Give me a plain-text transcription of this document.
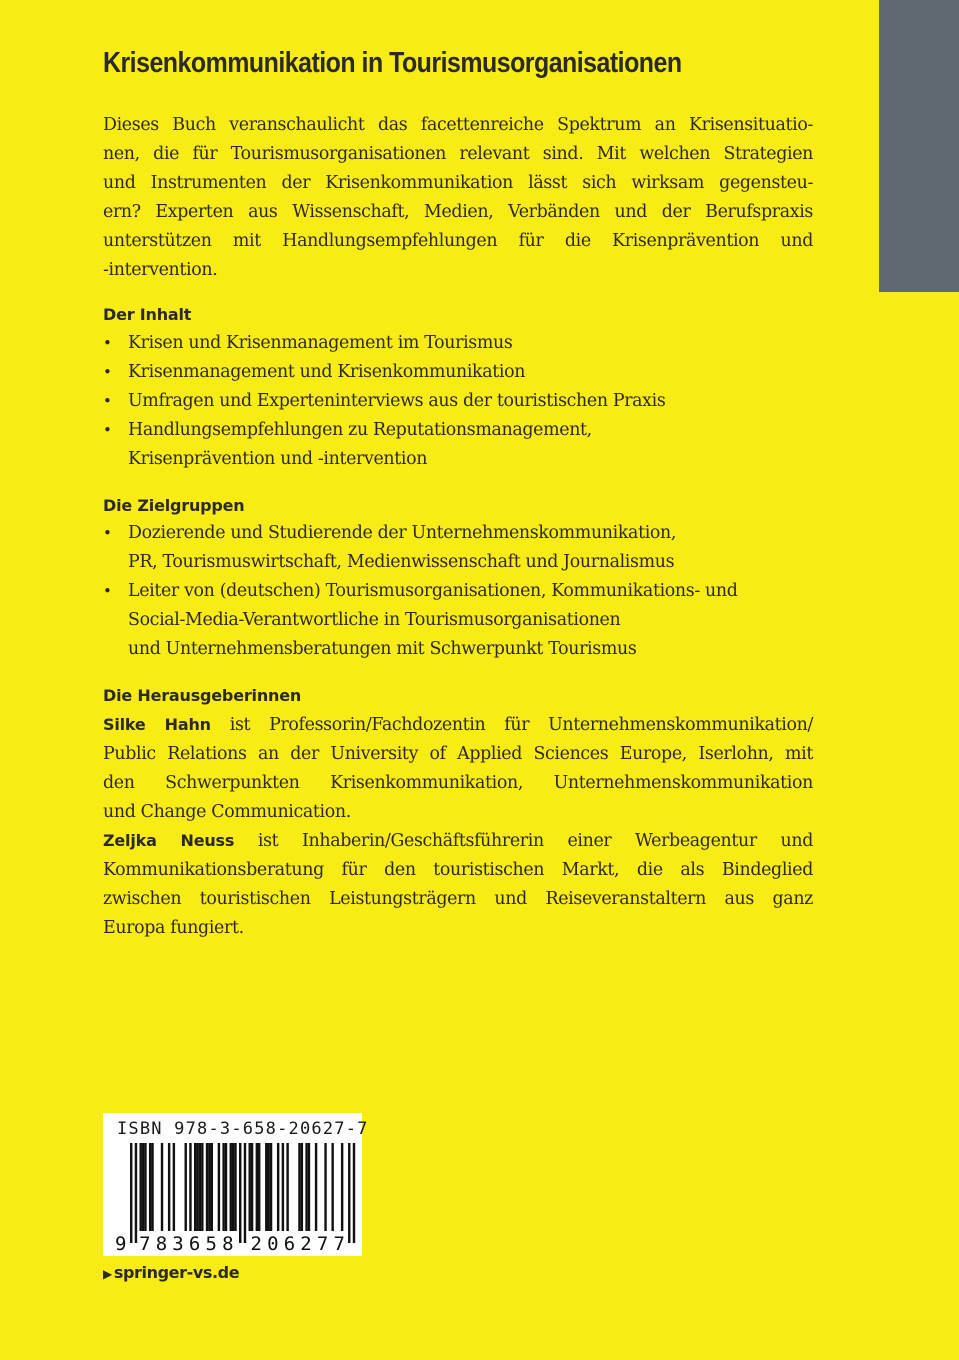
Krisenkommunikation in Tourismusorganisationen

Dieses Buch veranschaulicht das facettenreiche Spektrum an Krisensituatio-
nen, die für Tourismusorganisationen relevant sind. Mit welchen Strategien
und Instrumenten der Krisenkommunikation lässt sich wirksam gegensteu-
ern? Experten aus Wissenschaft, Medien, Verbänden und der Berufspraxis
unterstützen mit Handlungsempfehlungen für die Krisenprävention und
-intervention.

Der Inhalt
• Krisen und Krisenmanagement im Tourismus
• Krisenmanagement und Krisenkommunikation
• Umfragen und Experteninterviews aus der touristischen Praxis
• Handlungsempfehlungen zu Reputationsmanagement,
Krisenprävention und -intervention
Die Zielgruppen
• Dozierende und Studierende der Unternehmenskommunikation,
PR, Tourismuswirtschaft, Medienwissenschaft und Journalismus
• Leiter von (deutschen) Tourismusorganisationen, Kommunikations- und
Social-Media-Verantwortliche in Tourismusorganisationen
und Unternehmensberatungen mit Schwerpunkt Tourismus
Die Herausgeberinnen

Silke Hahn ist Professorin/Fachdozentin für Unternehmenskommunikation/
Public Relations an der University of Applied Sciences Europe, Iserlohn, mit
den Schwerpunkten Krisenkommunikation, Unternehmenskommunikation
und Change Communication.

Zeljka Neuss ist Inhaberin/Geschäftsführerin einer Werbeagentur und
Kommunikationsberatung für den touristischen Markt, die als Bindeglied
zwischen touristischen Leistungsträgern und Reiseveranstaltern aus ganz
Europa fungiert.

9 7 8 3 6 5 8 2 0 6 2 7 7

ISBN 978-3-658-20627-7

▶ springer-vs.de
